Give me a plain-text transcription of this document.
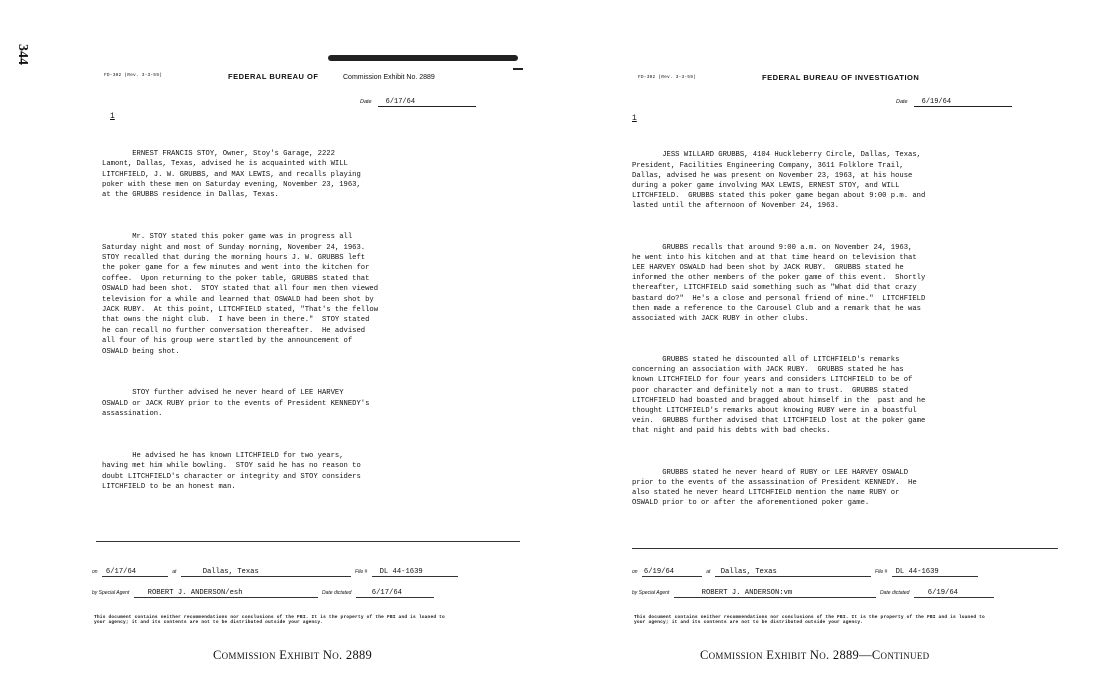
344
FD-302 (Rev. 3-3-59)	FEDERAL BUREAU OF	Commission Exhibit No. 2889
Date 6/17/64
1

ERNEST FRANCIS STOY, Owner, Stoy's Garage, 2222
Lamont, Dallas, Texas, advised he is acquainted with WILL
LITCHFIELD, J. W. GRUBBS, and MAX LEWIS, and recalls playing
poker with these men on Saturday evening, November 23, 1963,
at the GRUBBS residence in Dallas, Texas.

Mr. STOY stated this poker game was in progress all
Saturday night and most of Sunday morning, November 24, 1963.
STOY recalled that during the morning hours J. W. GRUBBS left
the poker game for a few minutes and went into the kitchen for
coffee.  Upon returning to the poker table, GRUBBS stated that
OSWALD had been shot.  STOY stated that all four men then viewed
television for a while and learned that OSWALD had been shot by
JACK RUBY.  At this point, LITCHFIELD stated, "That's the fellow
that owns the night club.  I have been in there."  STOY stated
he can recall no further conversation thereafter.  He advised
all four of his group were startled by the announcement of
OSWALD being shot.

STOY further advised he never heard of LEE HARVEY
OSWALD or JACK RUBY prior to the events of President KENNEDY's
assassination.

He advised he has known LITCHFIELD for two years,
having met him while bowling.  STOY said he has no reason to
doubt LITCHFIELD's character or integrity and STOY considers
LITCHFIELD to be an honest man.

on 6/17/64	at	Dallas, Texas	File # DL 44-1639
by Special Agent	ROBERT J. ANDERSON/esh	Date dictated	6/17/64
This document contains neither recommendations nor conclusions of the FBI. It is the property of the FBI and is loaned to
your agency; it and its contents are not to be distributed outside your agency.
Commission Exhibit No. 2889
FD-302 (Rev. 3-3-59)	FEDERAL BUREAU OF INVESTIGATION
Date 6/19/64
1

JESS WILLARD GRUBBS, 4104 Huckleberry Circle, Dallas, Texas,
President, Facilities Engineering Company, 3611 Folklore Trail,
Dallas, advised he was present on November 23, 1963, at his house
during a poker game involving MAX LEWIS, ERNEST STOY, and WILL
LITCHFIELD.  GRUBBS stated this poker game began about 9:00 p.m. and
lasted until the afternoon of November 24, 1963.

GRUBBS recalls that around 9:00 a.m. on November 24, 1963,
he went into his kitchen and at that time heard on television that
LEE HARVEY OSWALD had been shot by JACK RUBY.  GRUBBS stated he
informed the other members of the poker game of this event.  Shortly
thereafter, LITCHFIELD said something such as "What did that crazy
bastard do?"  He's a close and personal friend of mine."  LITCHFIELD
then made a reference to the Carousel Club and a remark that he was
associated with JACK RUBY in other clubs.

GRUBBS stated he discounted all of LITCHFIELD's remarks
concerning an association with JACK RUBY.  GRUBBS stated he has
known LITCHFIELD for four years and considers LITCHFIELD to be of
poor character and definitely not a man to trust.  GRUBBS stated
LITCHFIELD had boasted and bragged about himself in the  past and he
thought LITCHFIELD's remarks about knowing RUBY were in a boastful
vein.  GRUBBS further advised that LITCHFIELD lost at the poker game
that night and paid his debts with bad checks.

GRUBBS stated he never heard of RUBY or LEE HARVEY OSWALD
prior to the events of the assassination of President KENNEDY.  He
also stated he never heard LITCHFIELD mention the name RUBY or
OSWALD prior to or after the aforementioned poker game.

on 6/19/64	at Dallas, Texas	File # DL 44-1639
by Special Agent	ROBERT J. ANDERSON:vm	Date dictated	6/19/64
This document contains neither recommendations nor conclusions of the FBI. It is the property of the FBI and is loaned to
your agency; it and its contents are not to be distributed outside your agency.
Commission Exhibit No. 2889—Continued
